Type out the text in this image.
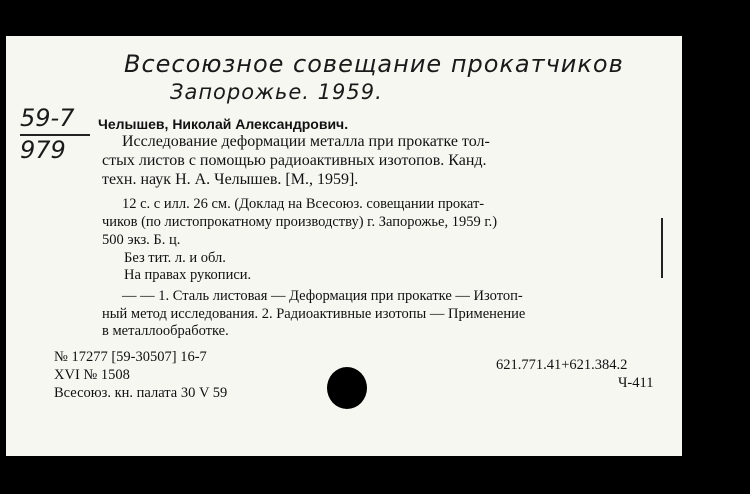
Всесоюзное совещание прокатчиков
Запорожье. 1959.
59-7
979
Челышев, Николай Александрович.
Исследование деформации металла при прокатке тол-
стых листов с помощью радиоактивных изотопов. Канд.
техн. наук Н. А. Челышев. [М., 1959].
12 с. с илл. 26 см. (Доклад на Всесоюз. совещании прокат-
чиков (по листопрокатному производству) г. Запорожье, 1959 г.)
500 экз. Б. ц.
Без тит. л. и обл.
На правах рукописи.
— — 1. Сталь листовая — Деформация при прокатке — Изотоп-
ный метод исследования. 2. Радиоактивные изотопы — Применение
в металлообработке.
№ 17277 [59-30507] 16-7
XVI № 1508
Всесоюз. кн. палата 30 V 59
621.771.41+621.384.2
Ч-411
